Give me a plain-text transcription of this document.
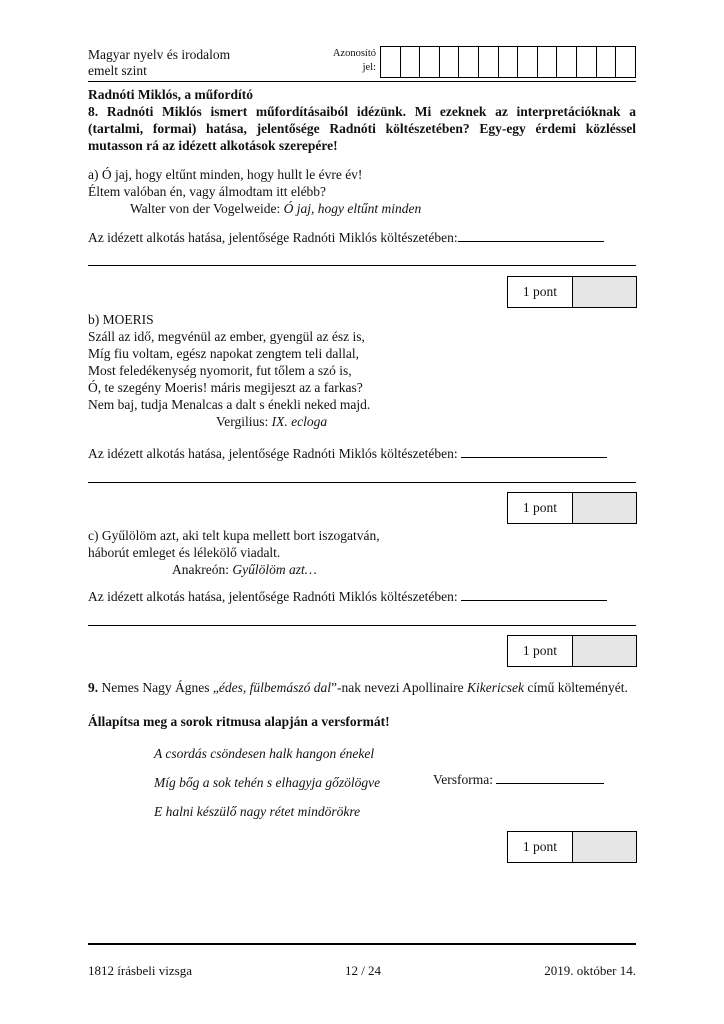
Magyar nyelv és irodalom
emelt szint
Azonosító
jel:
Radnóti Miklós, a műfordító
8. Radnóti Miklós ismert műfordításaiból idézünk. Mi ezeknek az interpretációknak a (tartalmi, formai) hatása, jelentősége Radnóti költészetében? Egy-egy érdemi közléssel mutasson rá az idézett alkotások szerepére!
a) Ó jaj, hogy eltűnt minden, hogy hullt le évre év!
Éltem valóban én, vagy álmodtam itt elébb?
Walter von der Vogelweide: Ó jaj, hogy eltűnt minden
Az idézett alkotás hatása, jelentősége Radnóti Miklós költészetében:
1 pont
b) MOERIS
Száll az idő, megvénül az ember, gyengül az ész is,
Míg fiu voltam, egész napokat zengtem teli dallal,
Most feledékenység nyomorit, fut tőlem a szó is,
Ó, te szegény Moeris! máris megijeszt az a farkas?
Nem baj, tudja Menalcas a dalt s énekli neked majd.
Vergilius: IX. ecloga
Az idézett alkotás hatása, jelentősége Radnóti Miklós költészetében:
1 pont
c) Gyűlölöm azt, aki telt kupa mellett bort iszogatván,
háborút emleget és lélekölő viadalt.
Anakreón: Gyűlölöm azt…
Az idézett alkotás hatása, jelentősége Radnóti Miklós költészetében:
1 pont
9. Nemes Nagy Ágnes „édes, fülbemászó dal”-nak nevezi Apollinaire Kikericsek című költeményét.
Állapítsa meg a sorok ritmusa alapján a versformát!
A csordás csöndesen halk hangon énekel
Míg bőg a sok tehén s elhagyja gőzölögve
E halni készülő nagy rétet mindörökre
Versforma:
1 pont
1812 írásbeli vizsga	12 / 24	2019. október 14.
